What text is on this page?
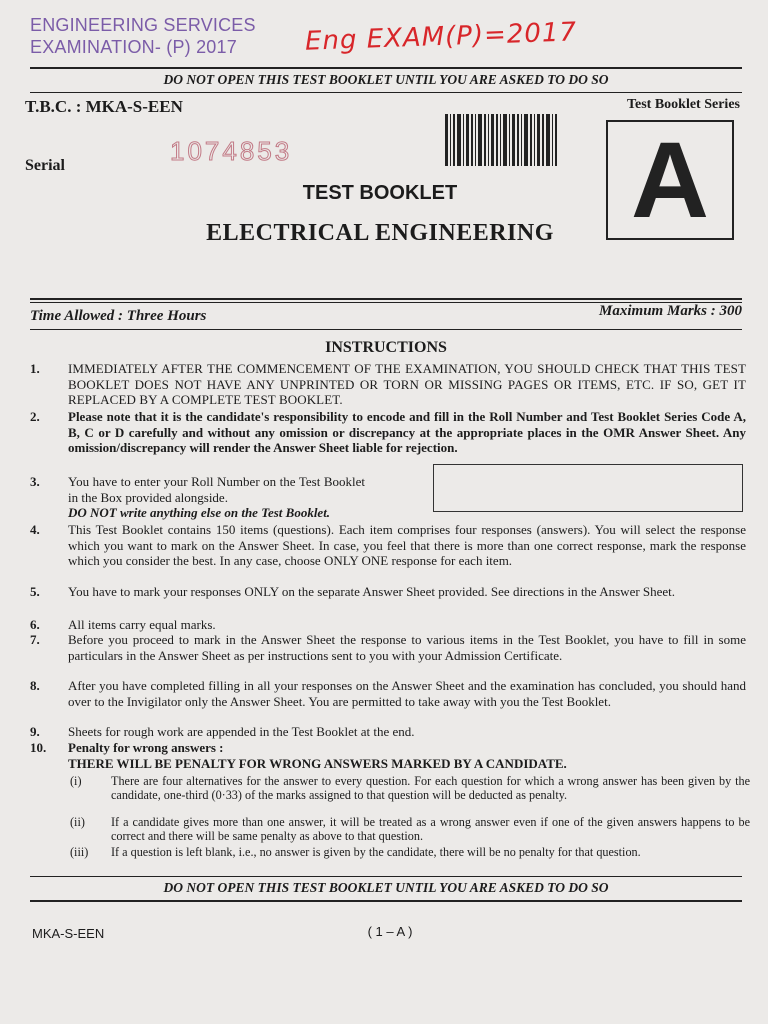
ENGINEERING SERVICES
EXAMINATION- (P) 2017	Eng EXAM(P)=2017
DO NOT OPEN THIS TEST BOOKLET UNTIL YOU ARE ASKED TO DO SO
T.B.C. : MKA-S-EEN	Test Booklet Series
Serial	1074853	A
TEST BOOKLET
ELECTRICAL ENGINEERING
Time Allowed : Three Hours	Maximum Marks : 300
INSTRUCTIONS
1. IMMEDIATELY AFTER THE COMMENCEMENT OF THE EXAMINATION, YOU SHOULD CHECK THAT THIS TEST BOOKLET DOES NOT HAVE ANY UNPRINTED OR TORN OR MISSING PAGES OR ITEMS, ETC. IF SO, GET IT REPLACED BY A COMPLETE TEST BOOKLET.
2. Please note that it is the candidate's responsibility to encode and fill in the Roll Number and Test Booklet Series Code A, B, C or D carefully and without any omission or discrepancy at the appropriate places in the OMR Answer Sheet. Any omission/discrepancy will render the Answer Sheet liable for rejection.
3. You have to enter your Roll Number on the Test Booklet in the Box provided alongside.
DO NOT write anything else on the Test Booklet.
4. This Test Booklet contains 150 items (questions). Each item comprises four responses (answers). You will select the response which you want to mark on the Answer Sheet. In case, you feel that there is more than one correct response, mark the response which you consider the best. In any case, choose ONLY ONE response for each item.
5. You have to mark your responses ONLY on the separate Answer Sheet provided. See directions in the Answer Sheet.
6. All items carry equal marks.
7. Before you proceed to mark in the Answer Sheet the response to various items in the Test Booklet, you have to fill in some particulars in the Answer Sheet as per instructions sent to you with your Admission Certificate.
8. After you have completed filling in all your responses on the Answer Sheet and the examination has concluded, you should hand over to the Invigilator only the Answer Sheet. You are permitted to take away with you the Test Booklet.
9. Sheets for rough work are appended in the Test Booklet at the end.
10. Penalty for wrong answers :
THERE WILL BE PENALTY FOR WRONG ANSWERS MARKED BY A CANDIDATE.
(i) There are four alternatives for the answer to every question. For each question for which a wrong answer has been given by the candidate, one-third (0·33) of the marks assigned to that question will be deducted as penalty.
(ii) If a candidate gives more than one answer, it will be treated as a wrong answer even if one of the given answers happens to be correct and there will be same penalty as above to that question.
(iii) If a question is left blank, i.e., no answer is given by the candidate, there will be no penalty for that question.
DO NOT OPEN THIS TEST BOOKLET UNTIL YOU ARE ASKED TO DO SO
MKA-S-EEN	( 1 – A )
